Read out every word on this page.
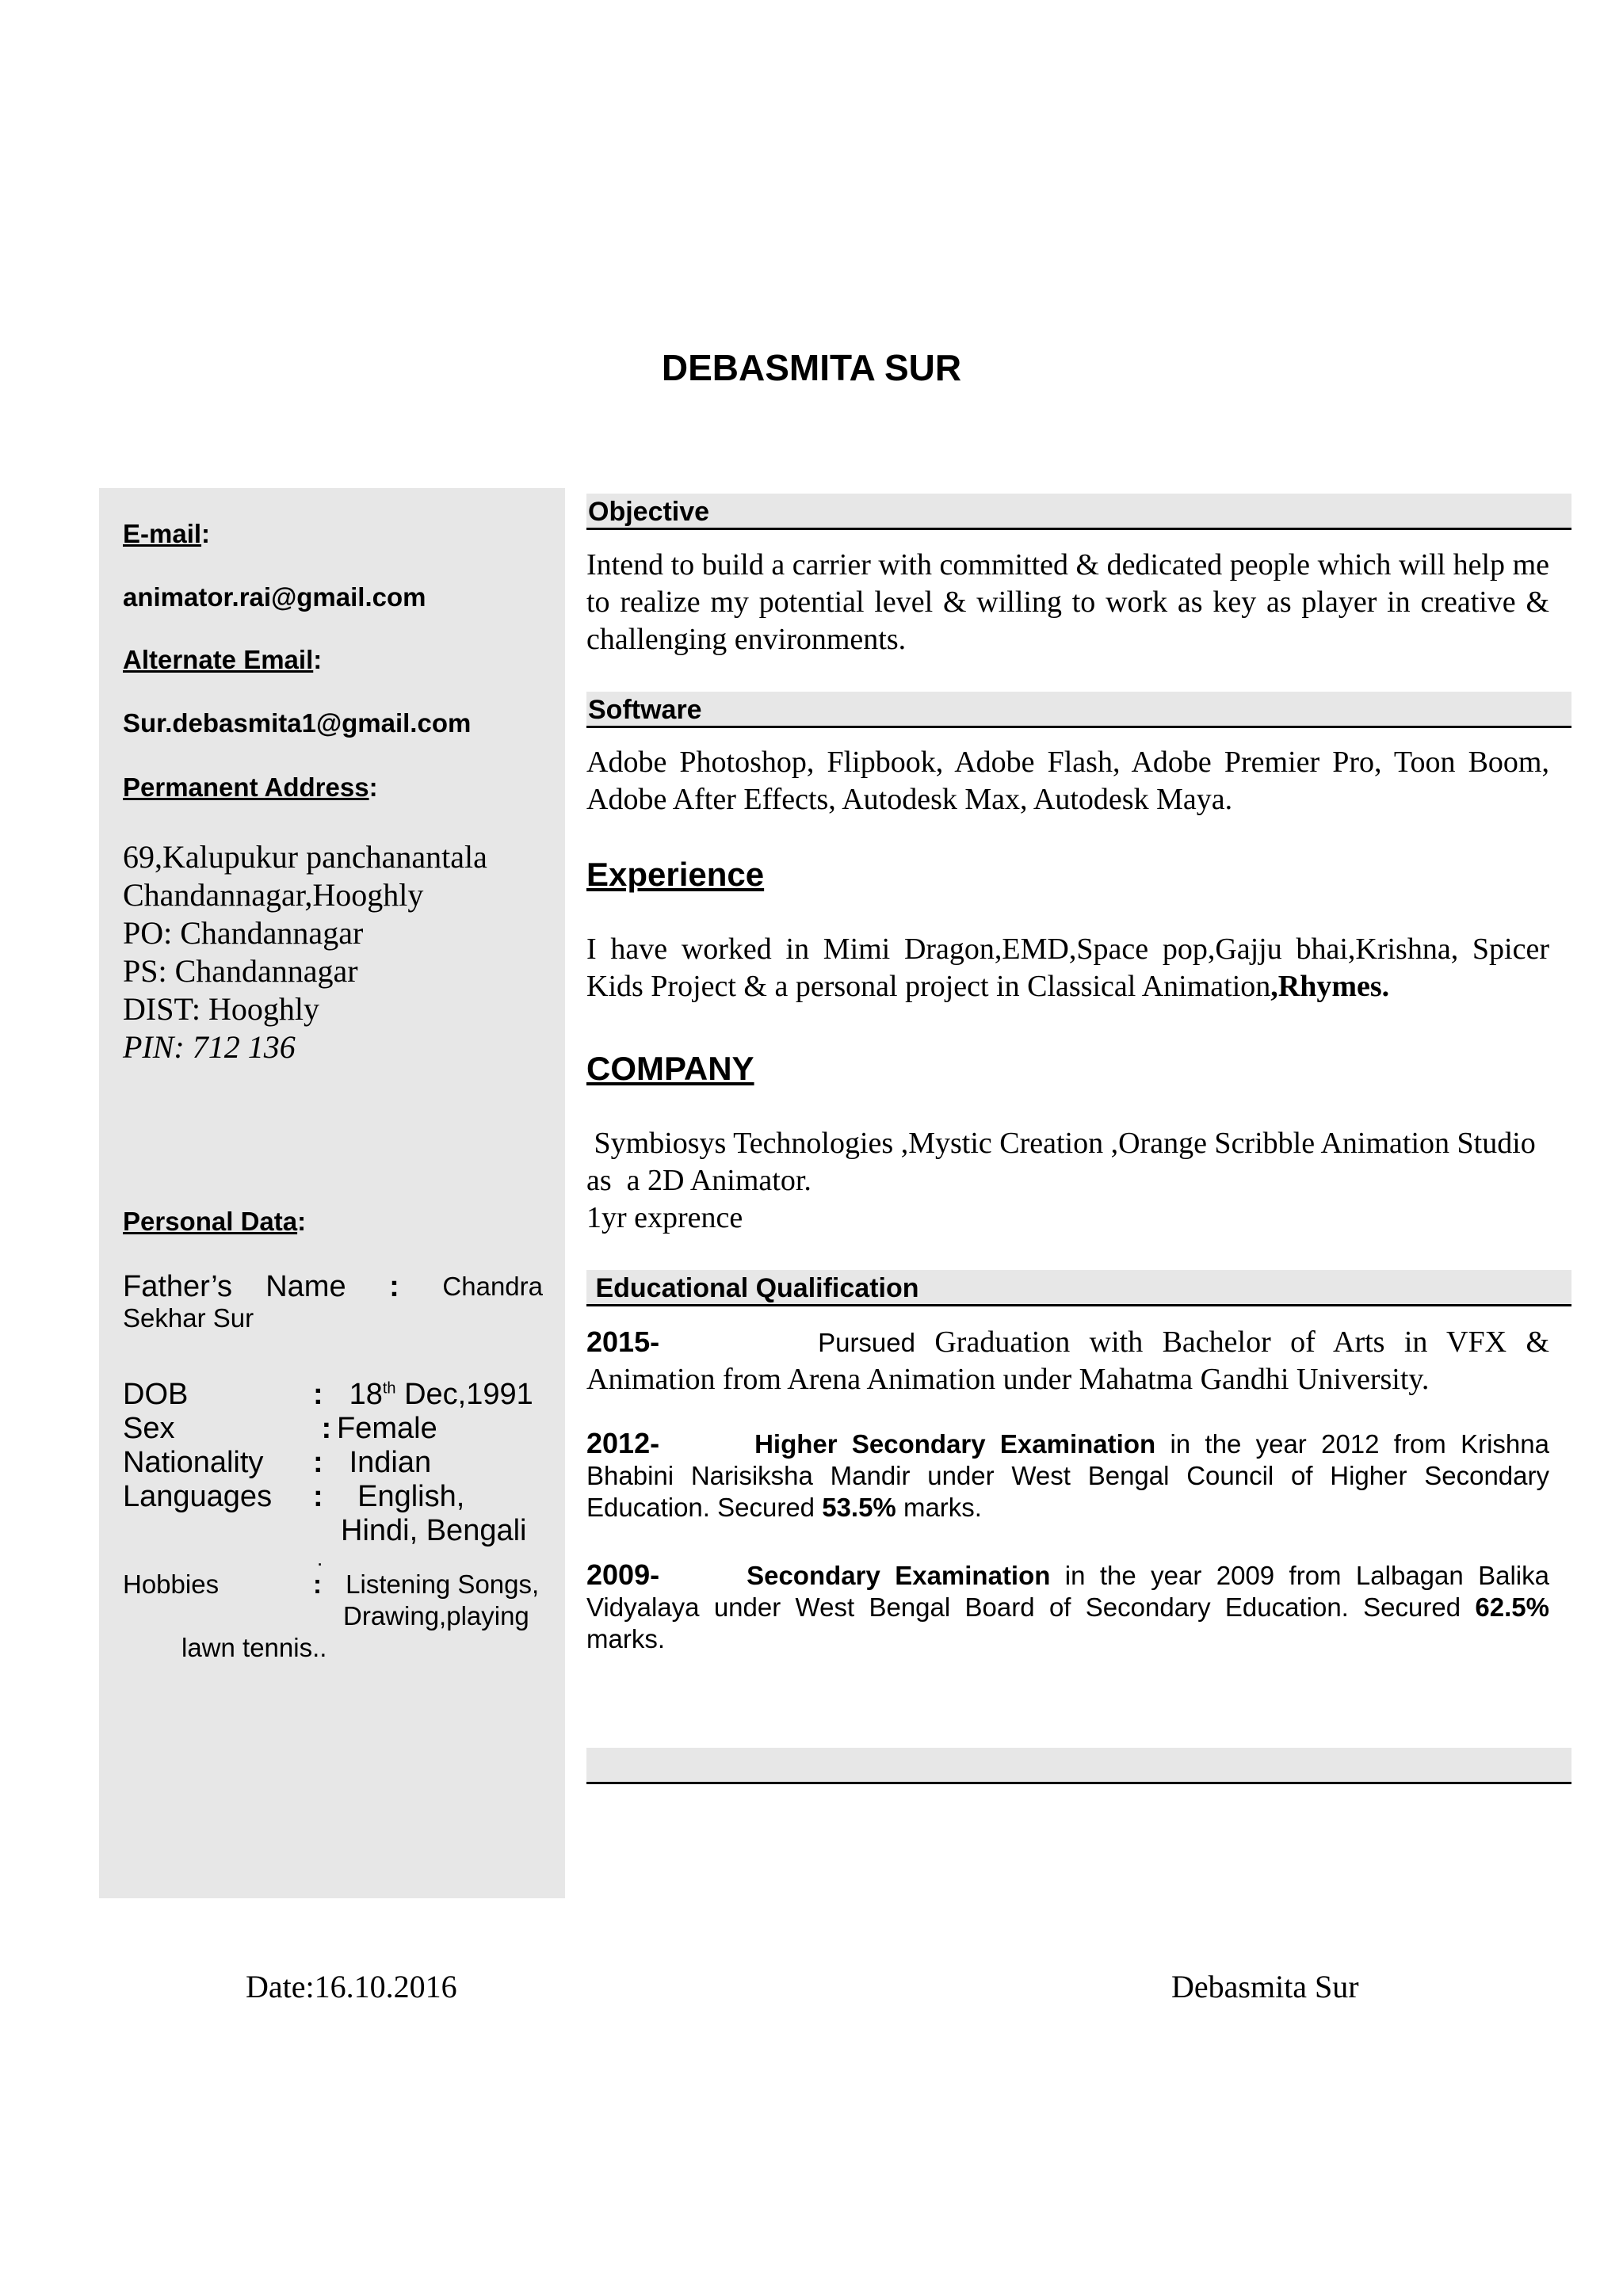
DEBASMITA SUR
E-mail:
animator.rai@gmail.com
Alternate Email:
Sur.debasmita1@gmail.com
Permanent Address:
69,Kalupukur panchanantala
Chandannagar,Hooghly
PO: Chandannagar
PS: Chandannagar
DIST: Hooghly
PIN: 712 136
Personal Data:
Father’s    Name : Chandra
Sekhar Sur
DOB	: 18th Dec,1991
Sex	: Female
Nationality : Indian
Languages : English,
Hindi, Bengali
.
Hobbies	: Listening Songs,
Drawing,playing
lawn tennis..
Objective
Intend to build a carrier with committed & dedicated people which will help me to realize my potential level & willing to work as key as player in creative & challenging environments.
Software
Adobe Photoshop, Flipbook, Adobe Flash, Adobe Premier Pro, Toon Boom, Adobe After Effects, Autodesk Max, Autodesk Maya.
Experience
I have worked in Mimi Dragon,EMD,Space pop,Gajju bhai,Krishna, Spicer Kids Project & a personal project in Classical Animation,Rhymes.
COMPANY
Symbiosys Technologies ,Mystic Creation ,Orange Scribble Animation Studio  as  a 2D Animator.
1yr exprence
Educational Qualification
2015-	Pursued Graduation with Bachelor of Arts in VFX & Animation from Arena Animation under Mahatma Gandhi University.
2012-	Higher Secondary Examination in the year 2012 from Krishna Bhabini Narisiksha Mandir under West Bengal Council of Higher Secondary Education. Secured 53.5% marks.
2009-	Secondary Examination in the year 2009 from Lalbagan Balika Vidyalaya under West Bengal Board of Secondary Education. Secured 62.5% marks.
Date:16.10.2016	Debasmita Sur
